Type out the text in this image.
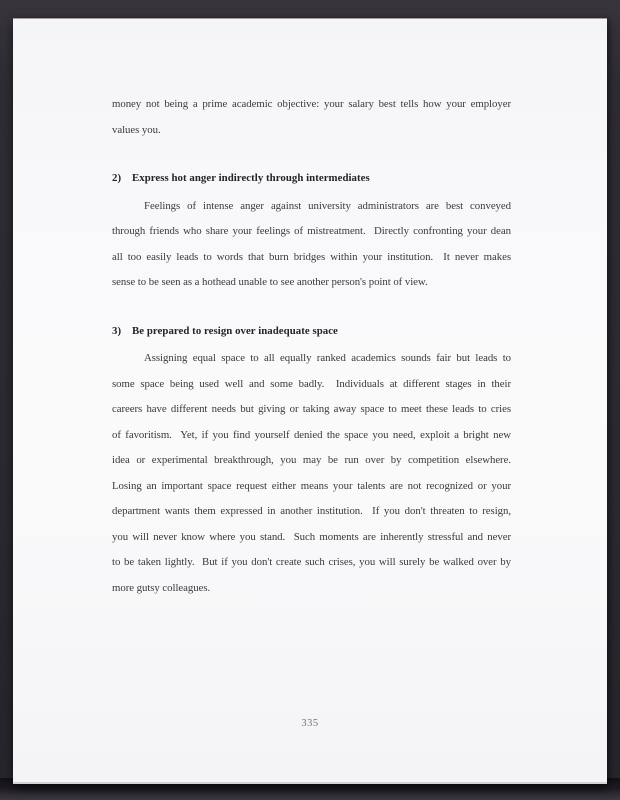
money not being a prime academic objective: your salary best tells how your employer
values you.
2) Express hot anger indirectly through intermediates
Feelings of intense anger against university administrators are best conveyed
through friends who share your feelings of mistreatment.  Directly confronting your dean
all too easily leads to words that burn bridges within your institution.  It never makes
sense to be seen as a hothead unable to see another person's point of view.
3) Be prepared to resign over inadequate space
Assigning equal space to all equally ranked academics sounds fair but leads to
some space being used well and some badly.  Individuals at different stages in their
careers have different needs but giving or taking away space to meet these leads to cries
of favoritism.  Yet, if you find yourself denied the space you need, exploit a bright new
idea or experimental breakthrough, you may be run over by competition elsewhere.
Losing an important space request either means your talents are not recognized or your
department wants them expressed in another institution.  If you don't threaten to resign,
you will never know where you stand.  Such moments are inherently stressful and never
to be taken lightly.  But if you don't create such crises, you will surely be walked over by
more gutsy colleagues.
335
